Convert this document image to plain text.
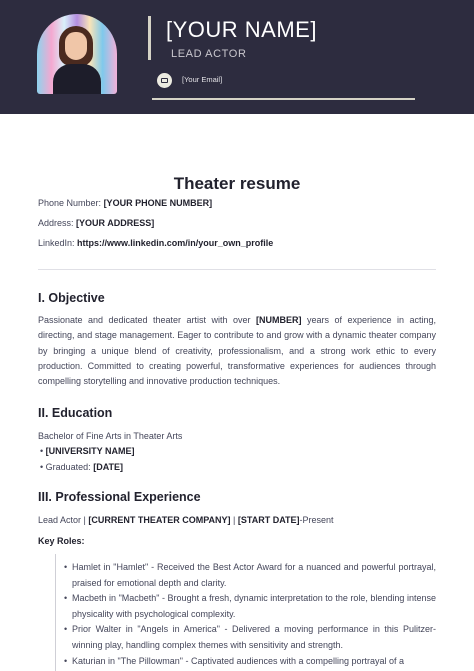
[YOUR NAME]
LEAD ACTOR
[Your Email]
Theater resume
Phone Number: [YOUR PHONE NUMBER]
Address: [YOUR ADDRESS]
LinkedIn: https://www.linkedin.com/in/your_own_profile
I. Objective
Passionate and dedicated theater artist with over [NUMBER] years of experience in acting, directing, and stage management. Eager to contribute to and grow with a dynamic theater company by bringing a unique blend of creativity, professionalism, and a strong work ethic to every production. Committed to creating powerful, transformative experiences for audiences through compelling storytelling and innovative production techniques.
II. Education
Bachelor of Fine Arts in Theater Arts
• [UNIVERSITY NAME]
• Graduated: [DATE]
III. Professional Experience
Lead Actor | [CURRENT THEATER COMPANY] | [START DATE]-Present
Key Roles:
• Hamlet in "Hamlet" - Received the Best Actor Award for a nuanced and powerful portrayal, praised for emotional depth and clarity.
• Macbeth in "Macbeth" - Brought a fresh, dynamic interpretation to the role, blending intense physicality with psychological complexity.
• Prior Walter in "Angels in America" - Delivered a moving performance in this Pulitzer-winning play, handling complex themes with sensitivity and strength.
• Katurian in "The Pillowman" - Captivated audiences with a compelling portrayal of a
